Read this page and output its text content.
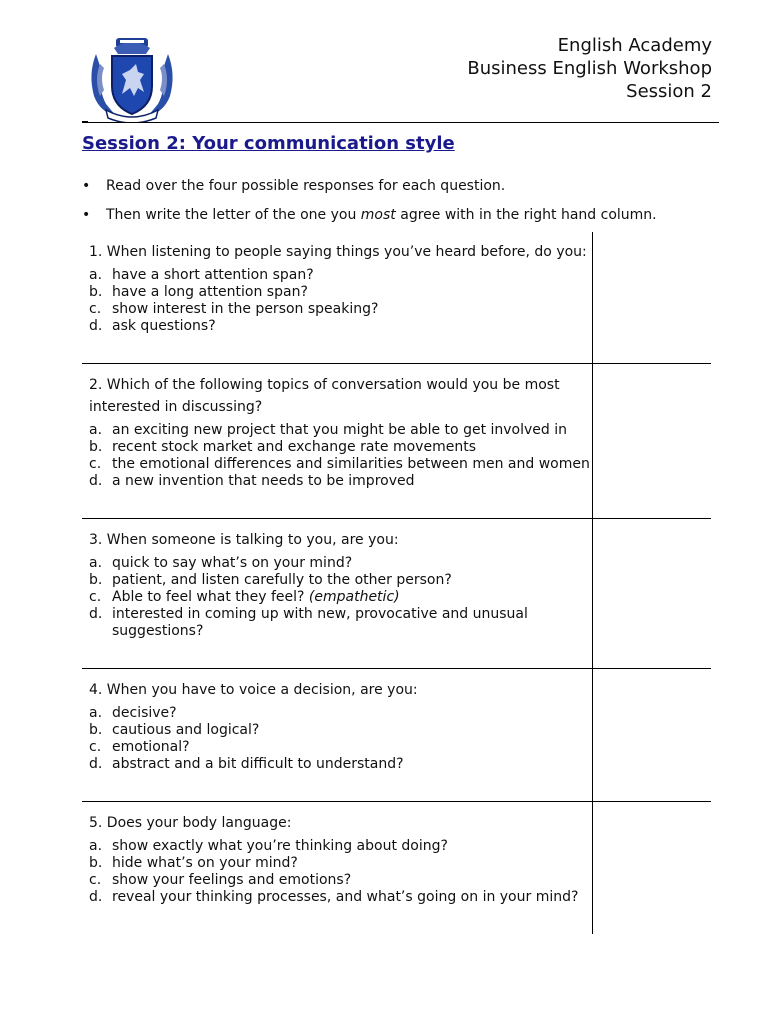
English Academy
Business English Workshop
Session 2
Session 2: Your communication style
• Read over the four possible responses for each question.
• Then write the letter of the one you most agree with in the right hand column.
1. When listening to people saying things you’ve heard before, do you:
a. have a short attention span?
b. have a long attention span?
c. show interest in the person speaking?
d. ask questions?
2. Which of the following topics of conversation would you be most interested in discussing?
a. an exciting new project that you might be able to get involved in
b. recent stock market and exchange rate movements
c. the emotional differences and similarities between men and women
d. a new invention that needs to be improved
3. When someone is talking to you, are you:
a. quick to say what’s on your mind?
b. patient, and listen carefully to the other person?
c. Able to feel what they feel? (empathetic)
d. interested in coming up with new, provocative and unusual suggestions?
4. When you have to voice a decision, are you:
a. decisive?
b. cautious and logical?
c. emotional?
d. abstract and a bit difficult to understand?
5. Does your body language:
a. show exactly what you’re thinking about doing?
b. hide what’s on your mind?
c. show your feelings and emotions?
d. reveal your thinking processes, and what’s going on in your mind?
